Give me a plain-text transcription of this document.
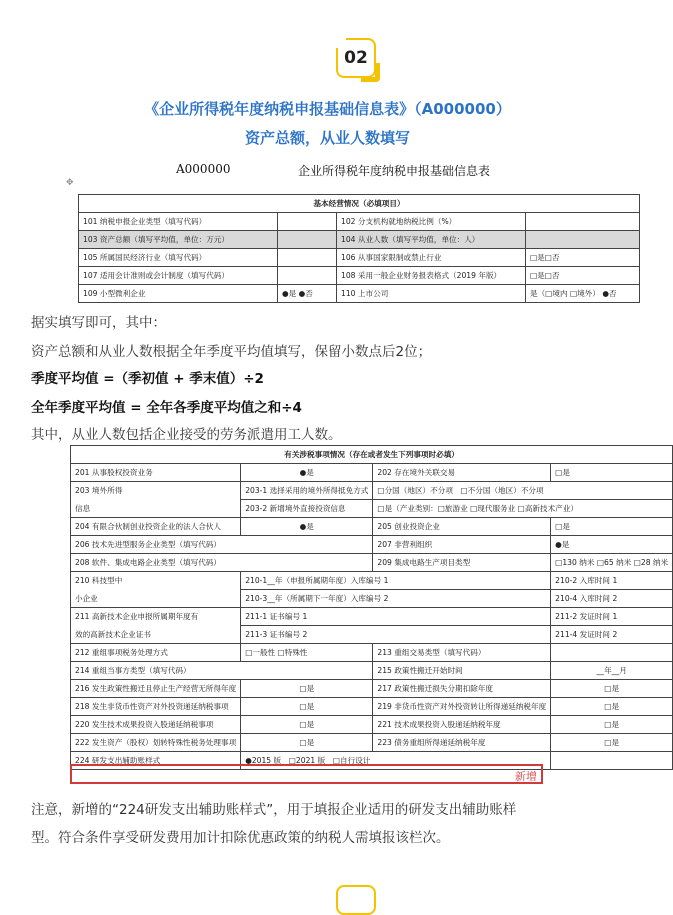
02
《企业所得税年度纳税申报基础信息表》（A000000）
资产总额，从业人数填写
A000000	企业所得税年度纳税申报基础信息表
✥
基本经营情况（必填项目）			
101 纳税申报企业类型（填写代码）		102 分支机构就地纳税比例（%）	
103 资产总额（填写平均值，单位：万元）		104 从业人数（填写平均值，单位：人）	
105 所属国民经济行业（填写代码）		106 从事国家限制或禁止行业	□是□否
107 适用会计准则或会计制度（填写代码）		108 采用一般企业财务报表格式（2019 年版）	□是□否
109 小型微利企业	●是 ●否	110 上市公司	是（□境内 □境外） ●否
据实填写即可，其中：
资产总额和从业人数根据全年季度平均值填写，保留小数点后2位；
季度平均值 =（季初值 + 季末值）÷2
全年季度平均值 = 全年各季度平均值之和÷4
其中，从业人数包括企业接受的劳务派遣用工人数。
有关涉税事项情况（存在或者发生下列事项时必填）			
201 从事股权投资业务	●是	202 存在境外关联交易	□是
203 境外所得	203-1 选择采用的境外所得抵免方式	□分国（地区）不分项　□不分国（地区）不分项	
信息	203-2 新增境外直接投资信息	□是（产业类别：□旅游业 □现代服务业 □高新技术产业）	
204 有限合伙制创业投资企业的法人合伙人	●是	205 创业投资企业	□是
206 技术先进型服务企业类型（填写代码）		207 非营利组织	●是
208 软件、集成电路企业类型（填写代码）		209 集成电路生产项目类型	□130 纳米 □65 纳米 □28 纳米
210 科技型中	210-1__年（申报所属期年度）入库编号 1		210-2 入库时间 1
小企业	210-3__年（所属期下一年度）入库编号 2		210-4 入库时间 2
211 高新技术企业申报所属期年度有	211-1 证书编号 1		211-2 发证时间 1
效的高新技术企业证书	211-3 证书编号 2		211-4 发证时间 2
212 重组事项税务处理方式	□一般性 □特殊性	213 重组交易类型（填写代码）	
214 重组当事方类型（填写代码）		215 政策性搬迁开始时间	__年__月
216 发生政策性搬迁且停止生产经营无所得年度	□是	217 政策性搬迁损失分期扣除年度	□是
218 发生非货币性资产对外投资递延纳税事项	□是	219 非货币性资产对外投资转让所得递延纳税年度	□是
220 发生技术成果投资入股递延纳税事项	□是	221 技术成果投资入股递延纳税年度	□是
222 发生资产（股权）划转特殊性税务处理事项	□是	223 债务重组所得递延纳税年度	□是
224 研发支出辅助账样式	●2015 版　□2021 版　□自行设计		
新增
注意，新增的“224研发支出辅助账样式”，用于填报企业适用的研发支出辅助账样
型。符合条件享受研发费用加计扣除优惠政策的纳税人需填报该栏次。
